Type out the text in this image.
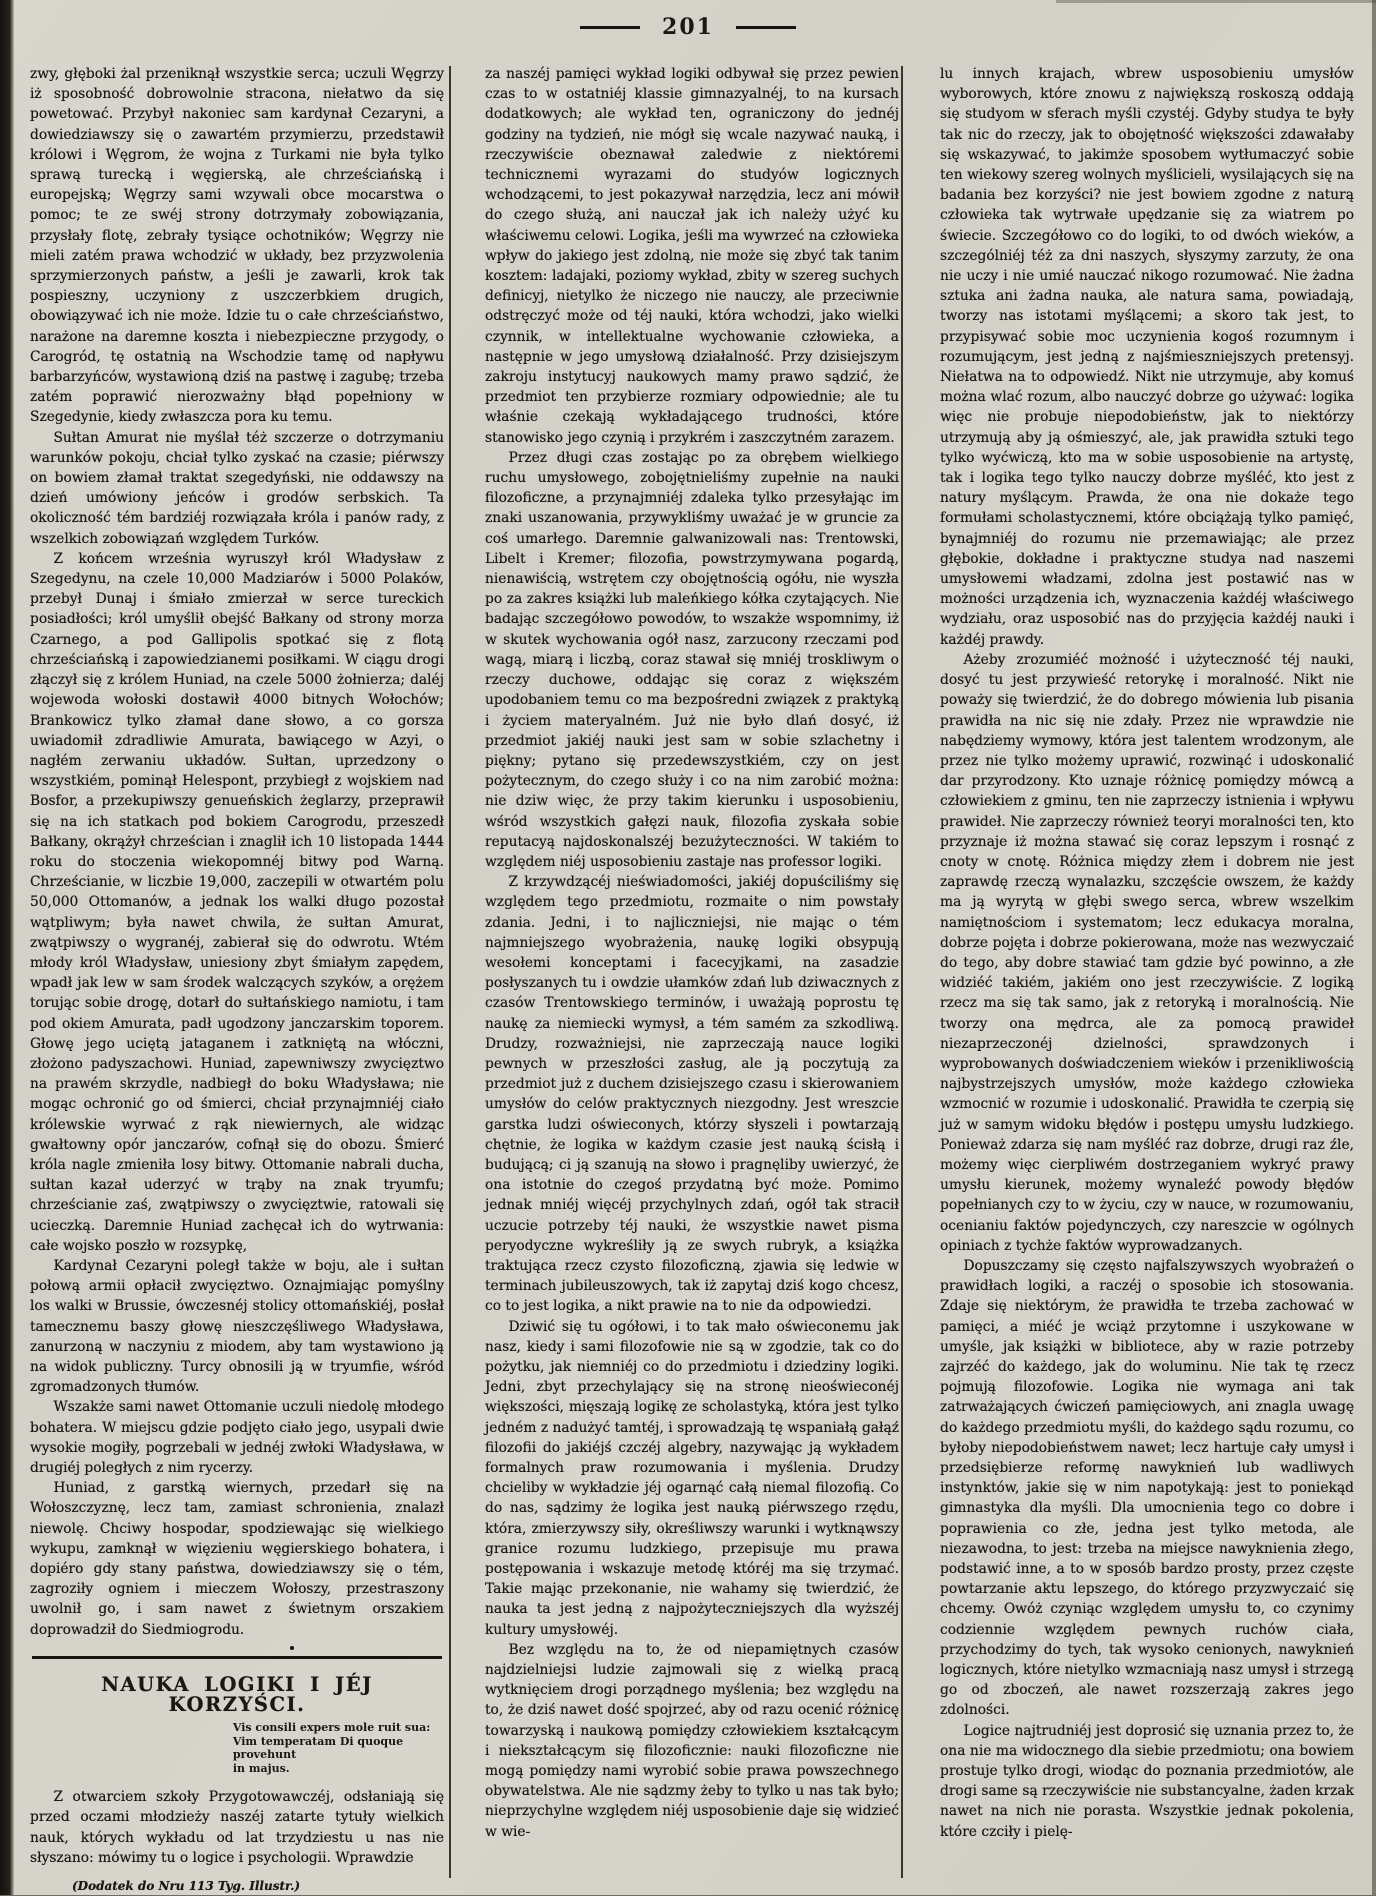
201

zwy, głęboki żal przeniknął wszystkie serca; uczuli Węgrzy iż sposobność dobrowolnie stracona, niełatwo da się powetować. Przybył nakoniec sam kardynał Cezaryni, a dowiedziawszy się o zawartém przymierzu, przedstawił królowi i Węgrom, że wojna z Turkami nie była tylko sprawą turecką i węgierską, ale chrześciańską i europejską; Węgrzy sami wzywali obce mocarstwa o pomoc; te ze swéj strony dotrzymały zobowiązania, przysłały flotę, zebrały tysiące ochotników; Węgrzy nie mieli zatém prawa wchodzić w układy, bez przyzwolenia sprzymierzonych państw, a jeśli je zawarli, krok tak pospieszny, uczyniony z uszczerbkiem drugich, obowiązywać ich nie może. Idzie tu o całe chrześciaństwo, narażone na daremne koszta i niebezpieczne przygody, o Carogród, tę ostatnią na Wschodzie tamę od napływu barbarzyńców, wystawioną dziś na pastwę i zagubę; trzeba zatém poprawić nierozważny błąd popełniony w Szegedynie, kiedy zwłaszcza pora ku temu.

Sułtan Amurat nie myślał téż szczerze o dotrzymaniu warunków pokoju, chciał tylko zyskać na czasie; piérwszy on bowiem złamał traktat szegedyński, nie oddawszy na dzień umówiony jeńców i grodów serbskich. Ta okoliczność tém bardziéj rozwiązała króla i panów rady, z wszelkich zobowiązań względem Turków.

Z końcem września wyruszył król Władysław z Szegedynu, na czele 10,000 Madziarów i 5000 Polaków, przebył Dunaj i śmiało zmierzał w serce tureckich posiadłości; król umyślił obejść Bałkany od strony morza Czarnego, a pod Gallipolis spotkać się z flotą chrześciańską i zapowiedzianemi posiłkami. W ciągu drogi złączył się z królem Huniad, na czele 5000 żołnierza; daléj wojewoda wołoski dostawił 4000 bitnych Wołochów; Brankowicz tylko złamał dane słowo, a co gorsza uwiadomił zdradliwie Amurata, bawiącego w Azyi, o nagłém zerwaniu układów. Sułtan, uprzedzony o wszystkiém, pominął Helespont, przybiegł z wojskiem nad Bosfor, a przekupiwszy genueńskich żeglarzy, przeprawił się na ich statkach pod bokiem Carogrodu, przeszedł Bałkany, okrążył chrześcian i znaglił ich 10 listopada 1444 roku do stoczenia wiekopomnéj bitwy pod Warną. Chrześcianie, w liczbie 19,000, zaczepili w otwartém polu 50,000 Ottomanów, a jednak los walki długo pozostał wątpliwym; była nawet chwila, że sułtan Amurat, zwątpiwszy o wygranéj, zabierał się do odwrotu. Wtém młody król Władysław, uniesiony zbyt śmiałym zapędem, wpadł jak lew w sam środek walczących szyków, a orężem torując sobie drogę, dotarł do sułtańskiego namiotu, i tam pod okiem Amurata, padł ugodzony janczarskim toporem. Głowę jego uciętą jataganem i zatkniętą na włóczni, złożono padyszachowi. Huniad, zapewniwszy zwycięztwo na prawém skrzydle, nadbiegł do boku Władysława; nie mogąc ochronić go od śmierci, chciał przynajmniéj ciało królewskie wyrwać z rąk niewiernych, ale widząc gwałtowny opór janczarów, cofnął się do obozu. Śmierć króla nagle zmieniła losy bitwy. Ottomanie nabrali ducha, sułtan kazał uderzyć w trąby na znak tryumfu; chrześcianie zaś, zwątpiwszy o zwycięztwie, ratowali się ucieczką. Daremnie Huniad zachęcał ich do wytrwania: całe wojsko poszło w rozsypkę,

Kardynał Cezaryni poległ także w boju, ale i sułtan połową armii opłacił zwycięztwo. Oznajmiając pomyślny los walki w Brussie, ówczesnéj stolicy ottomańskiéj, posłał tamecznemu baszy głowę nieszczęśliwego Władysława, zanurzoną w naczyniu z miodem, aby tam wystawiono ją na widok publiczny. Turcy obnosili ją w tryumfie, wśród zgromadzonych tłumów.

Wszakże sami nawet Ottomanie uczuli niedolę młodego bohatera. W miejscu gdzie podjęto ciało jego, usypali dwie wysokie mogiły, pogrzebali w jednéj zwłoki Władysława, w drugiéj poległych z nim rycerzy.

Huniad, z garstką wiernych, przedarł się na Wołoszczyznę, lecz tam, zamiast schronienia, znalazł niewolę. Chciwy hospodar, spodziewając się wielkiego wykupu, zamknął w więzieniu węgierskiego bohatera, i dopiéro gdy stany państwa, dowiedziawszy się o tém, zagroziły ogniem i mieczem Wołoszy, przestraszony uwolnił go, i sam nawet z świetnym orszakiem doprowadził do Siedmiogrodu.

NAUKA LOGIKI I JÉJ KORZYŚCI.

Vis consili expers mole ruit sua:
Vim temperatam Di quoque provehunt
in majus.

Z otwarciem szkoły Przygotowawczéj, odsłaniają się przed oczami młodzieży naszéj zatarte tytuły wielkich nauk, których wykładu od lat trzydziestu u nas nie słyszano: mówimy tu o logice i psychologii. Wprawdzie

(Dodatek do Nru 113 Tyg. Illustr.)

za naszéj pamięci wykład logiki odbywał się przez pewien czas to w ostatniéj klassie gimnazyalnéj, to na kursach dodatkowych; ale wykład ten, ograniczony do jednéj godziny na tydzień, nie mógł się wcale nazywać nauką, i rzeczywiście obeznawał zaledwie z niektóremi technicznemi wyrazami do studyów logicznych wchodzącemi, to jest pokazywał narzędzia, lecz ani mówił do czego służą, ani nauczał jak ich należy użyć ku właściwemu celowi. Logika, jeśli ma wywrzeć na człowieka wpływ do jakiego jest zdolną, nie może się zbyć tak tanim kosztem: ladajaki, poziomy wykład, zbity w szereg suchych definicyj, nietylko że niczego nie nauczy, ale przeciwnie odstręczyć może od téj nauki, która wchodzi, jako wielki czynnik, w intellektualne wychowanie człowieka, a następnie w jego umysłową działalność. Przy dzisiejszym zakroju instytucyj naukowych mamy prawo sądzić, że przedmiot ten przybierze rozmiary odpowiednie; ale tu właśnie czekają wykładającego trudności, które stanowisko jego czynią i przykrém i zaszczytném zarazem.

Przez długi czas zostając po za obrębem wielkiego ruchu umysłowego, zobojętnieliśmy zupełnie na nauki filozoficzne, a przynajmniéj zdaleka tylko przesyłając im znaki uszanowania, przywykliśmy uważać je w gruncie za coś umarłego. Daremnie galwanizowali nas: Trentowski, Libelt i Kremer; filozofia, powstrzymywana pogardą, nienawiścią, wstrętem czy obojętnością ogółu, nie wyszła po za zakres książki lub maleńkiego kółka czytających. Nie badając szczegółowo powodów, to wszakże wspomnimy, iż w skutek wychowania ogół nasz, zarzucony rzeczami pod wagą, miarą i liczbą, coraz stawał się mniéj troskliwym o rzeczy duchowe, oddając się coraz z większém upodobaniem temu co ma bezpośredni związek z praktyką i życiem materyalném. Już nie było dlań dosyć, iż przedmiot jakiéj nauki jest sam w sobie szlachetny i piękny; pytano się przedewszystkiém, czy on jest pożytecznym, do czego służy i co na nim zarobić można: nie dziw więc, że przy takim kierunku i usposobieniu, wśród wszystkich gałęzi nauk, filozofia zyskała sobie reputacyą najdoskonalszéj bezużyteczności. W takiém to względem niéj usposobieniu zastaje nas professor logiki.

Z krzywdzącéj nieświadomości, jakiéj dopuściliśmy się względem tego przedmiotu, rozmaite o nim powstały zdania. Jedni, i to najliczniejsi, nie mając o tém najmniejszego wyobrażenia, naukę logiki obsypują wesołemi konceptami i facecyjkami, na zasadzie posłyszanych tu i owdzie ułamków zdań lub dziwacznych z czasów Trentowskiego terminów, i uważają poprostu tę naukę za niemiecki wymysł, a tém samém za szkodliwą. Drudzy, rozważniejsi, nie zaprzeczają nauce logiki pewnych w przeszłości zasług, ale ją poczytują za przedmiot już z duchem dzisiejszego czasu i skierowaniem umysłów do celów praktycznych niezgodny. Jest wreszcie garstka ludzi oświeconych, którzy słyszeli i powtarzają chętnie, że logika w każdym czasie jest nauką ścisłą i budującą; ci ją szanują na słowo i pragnęliby uwierzyć, że ona istotnie do czegoś przydatną być może. Pomimo jednak mniéj więcéj przychylnych zdań, ogół tak stracił uczucie potrzeby téj nauki, że wszystkie nawet pisma peryodyczne wykreśliły ją ze swych rubryk, a książka traktująca rzecz czysto filozoficzną, zjawia się ledwie w terminach jubileuszowych, tak iż zapytaj dziś kogo chcesz, co to jest logika, a nikt prawie na to nie da odpowiedzi.

Dziwić się tu ogółowi, i to tak mało oświeconemu jak nasz, kiedy i sami filozofowie nie są w zgodzie, tak co do pożytku, jak niemniéj co do przedmiotu i dziedziny logiki. Jedni, zbyt przechylający się na stronę nieoświeconéj większości, mięszają logikę ze scholastyką, która jest tylko jedném z nadużyć tamtéj, i sprowadzają tę wspaniałą gałąź filozofii do jakiéjś czczéj algebry, nazywając ją wykładem formalnych praw rozumowania i myślenia. Drudzy chcieliby w wykładzie jéj ogarnąć całą niemal filozofią. Co do nas, sądzimy że logika jest nauką piérwszego rzędu, która, zmierzywszy siły, określiwszy warunki i wytknąwszy granice rozumu ludzkiego, przepisuje mu prawa postępowania i wskazuje metodę któréj ma się trzymać. Takie mając przekonanie, nie wahamy się twierdzić, że nauka ta jest jedną z najpożyteczniejszych dla wyższéj kultury umysłowéj.

Bez względu na to, że od niepamiętnych czasów najdzielniejsi ludzie zajmowali się z wielką pracą wytknięciem drogi porządnego myślenia; bez względu na to, że dziś nawet dość spojrzeć, aby od razu ocenić różnicę towarzyską i naukową pomiędzy człowiekiem kształcącym i niekształcącym się filozoficznie: nauki filozoficzne nie mogą pomiędzy nami wyrobić sobie prawa powszechnego obywatelstwa. Ale nie sądzmy żeby to tylko u nas tak było; nieprzychylne względem niéj usposobienie daje się widzieć w wie-

lu innych krajach, wbrew usposobieniu umysłów wyborowych, które znowu z największą roskoszą oddają się studyom w sferach myśli czystéj. Gdyby studya te były tak nic do rzeczy, jak to obojętność większości zdawałaby się wskazywać, to jakimże sposobem wytłumaczyć sobie ten wiekowy szereg wolnych myślicieli, wysilających się na badania bez korzyści? nie jest bowiem zgodne z naturą człowieka tak wytrwałe upędzanie się za wiatrem po świecie. Szczegółowo co do logiki, to od dwóch wieków, a szczególniéj téż za dni naszych, słyszymy zarzuty, że ona nie uczy i nie umié nauczać nikogo rozumować. Nie żadna sztuka ani żadna nauka, ale natura sama, powiadają, tworzy nas istotami myślącemi; a skoro tak jest, to przypisywać sobie moc uczynienia kogoś rozumnym i rozumującym, jest jedną z najśmieszniejszych pretensyj. Niełatwa na to odpowiedź. Nikt nie utrzymuje, aby komuś można wlać rozum, albo nauczyć dobrze go używać: logika więc nie probuje niepodobieństw, jak to niektórzy utrzymują aby ją ośmieszyć, ale, jak prawidła sztuki tego tylko wyćwiczą, kto ma w sobie usposobienie na artystę, tak i logika tego tylko nauczy dobrze myśléć, kto jest z natury myślącym. Prawda, że ona nie dokaże tego formułami scholastycznemi, które obciążają tylko pamięć, bynajmniéj do rozumu nie przemawiając; ale przez głębokie, dokładne i praktyczne studya nad naszemi umysłowemi władzami, zdolna jest postawić nas w możności urządzenia ich, wyznaczenia każdéj właściwego wydziału, oraz usposobić nas do przyjęcia każdéj nauki i każdéj prawdy.

Ażeby zrozumiéć możność i użyteczność téj nauki, dosyć tu jest przywieść retorykę i moralność. Nikt nie poważy się twierdzić, że do dobrego mówienia lub pisania prawidła na nic się nie zdały. Przez nie wprawdzie nie nabędziemy wymowy, która jest talentem wrodzonym, ale przez nie tylko możemy uprawić, rozwinąć i udoskonalić dar przyrodzony. Kto uznaje różnicę pomiędzy mówcą a człowiekiem z gminu, ten nie zaprzeczy istnienia i wpływu prawideł. Nie zaprzeczy również teoryi moralności ten, kto przyznaje iż można stawać się coraz lepszym i rosnąć z cnoty w cnotę. Różnica między złem i dobrem nie jest zaprawdę rzeczą wynalazku, szczęście owszem, że każdy ma ją wyrytą w głębi swego serca, wbrew wszelkim namiętnościom i systematom; lecz edukacya moralna, dobrze pojęta i dobrze pokierowana, może nas wezwyczaić do tego, aby dobre stawiać tam gdzie być powinno, a złe widziéć takiém, jakiém ono jest rzeczywiście. Z logiką rzecz ma się tak samo, jak z retoryką i moralnością. Nie tworzy ona mędrca, ale za pomocą prawideł niezaprzeczonéj dzielności, sprawdzonych i wyprobowanych doświadczeniem wieków i przenikliwością najbystrzejszych umysłów, może każdego człowieka wzmocnić w rozumie i udoskonalić. Prawidła te czerpią się już w samym widoku błędów i postępu umysłu ludzkiego. Ponieważ zdarza się nam myśléć raz dobrze, drugi raz źle, możemy więc cierpliwém dostrzeganiem wykryć prawy umysłu kierunek, możemy wynaleźć powody błędów popełnianych czy to w życiu, czy w nauce, w rozumowaniu, ocenianiu faktów pojedynczych, czy nareszcie w ogólnych opiniach z tychże faktów wyprowadzanych.

Dopuszczamy się często najfalszywszych wyobrażeń o prawidłach logiki, a raczéj o sposobie ich stosowania. Zdaje się niektórym, że prawidła te trzeba zachować w pamięci, a miéć je wciąż przytomne i uszykowane w umyśle, jak książki w bibliotece, aby w razie potrzeby zajrzéć do każdego, jak do woluminu. Nie tak tę rzecz pojmują filozofowie. Logika nie wymaga ani tak zatrważających ćwiczeń pamięciowych, ani znagla uwagę do każdego przedmiotu myśli, do każdego sądu rozumu, co byłoby niepodobieństwem nawet; lecz hartuje cały umysł i przedsiębierze reformę nawyknień lub wadliwych instynktów, jakie się w nim napotykają: jest to poniekąd gimnastyka dla myśli. Dla umocnienia tego co dobre i poprawienia co złe, jedna jest tylko metoda, ale niezawodna, to jest: trzeba na miejsce nawyknienia złego, podstawić inne, a to w sposób bardzo prosty, przez częste powtarzanie aktu lepszego, do którego przyzwyczaić się chcemy. Owóż czyniąc względem umysłu to, co czynimy codziennie względem pewnych ruchów ciała, przychodzimy do tych, tak wysoko cenionych, nawyknień logicznych, które nietylko wzmacniają nasz umysł i strzegą go od zboczeń, ale nawet rozszerzają zakres jego zdolności.

Logice najtrudniéj jest doprosić się uznania przez to, że ona nie ma widocznego dla siebie przedmiotu; ona bowiem prostuje tylko drogi, wiodąc do poznania przedmiotów, ale drogi same są rzeczywiście nie substancyalne, żaden krzak nawet na nich nie porasta. Wszystkie jednak pokolenia, które czciły i pielę-
